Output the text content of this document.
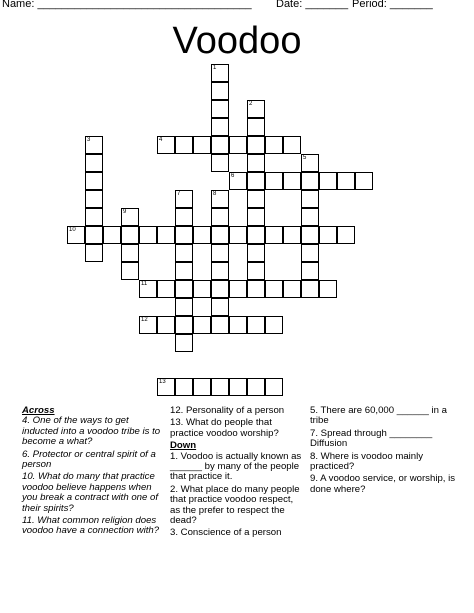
Name: ___________________________________ Date: _______ Period: _______
Voodoo
1
2
3	4
5
6
7	8
9
10
11
12
13
Across
4. One of the ways to get inducted into a voodoo tribe is to become a what?
6. Protector or central spirit of a person
10. What do many that practice voodoo believe happens when you break a contract with one of their spirits?
11. What common religion does voodoo have a connection with?
12. Personality of a person
13. What do people that practice voodoo worship?
Down
1. Voodoo is actually known as ______ by many of the people that practice it.
2. What place do many people that practice voodoo respect, as the prefer to respect the dead?
3. Conscience of a person
5. There are 60,000 ______ in a tribe
7. Spread through ________ Diffusion
8. Where is voodoo mainly practiced?
9. A voodoo service, or worship, is done where?
